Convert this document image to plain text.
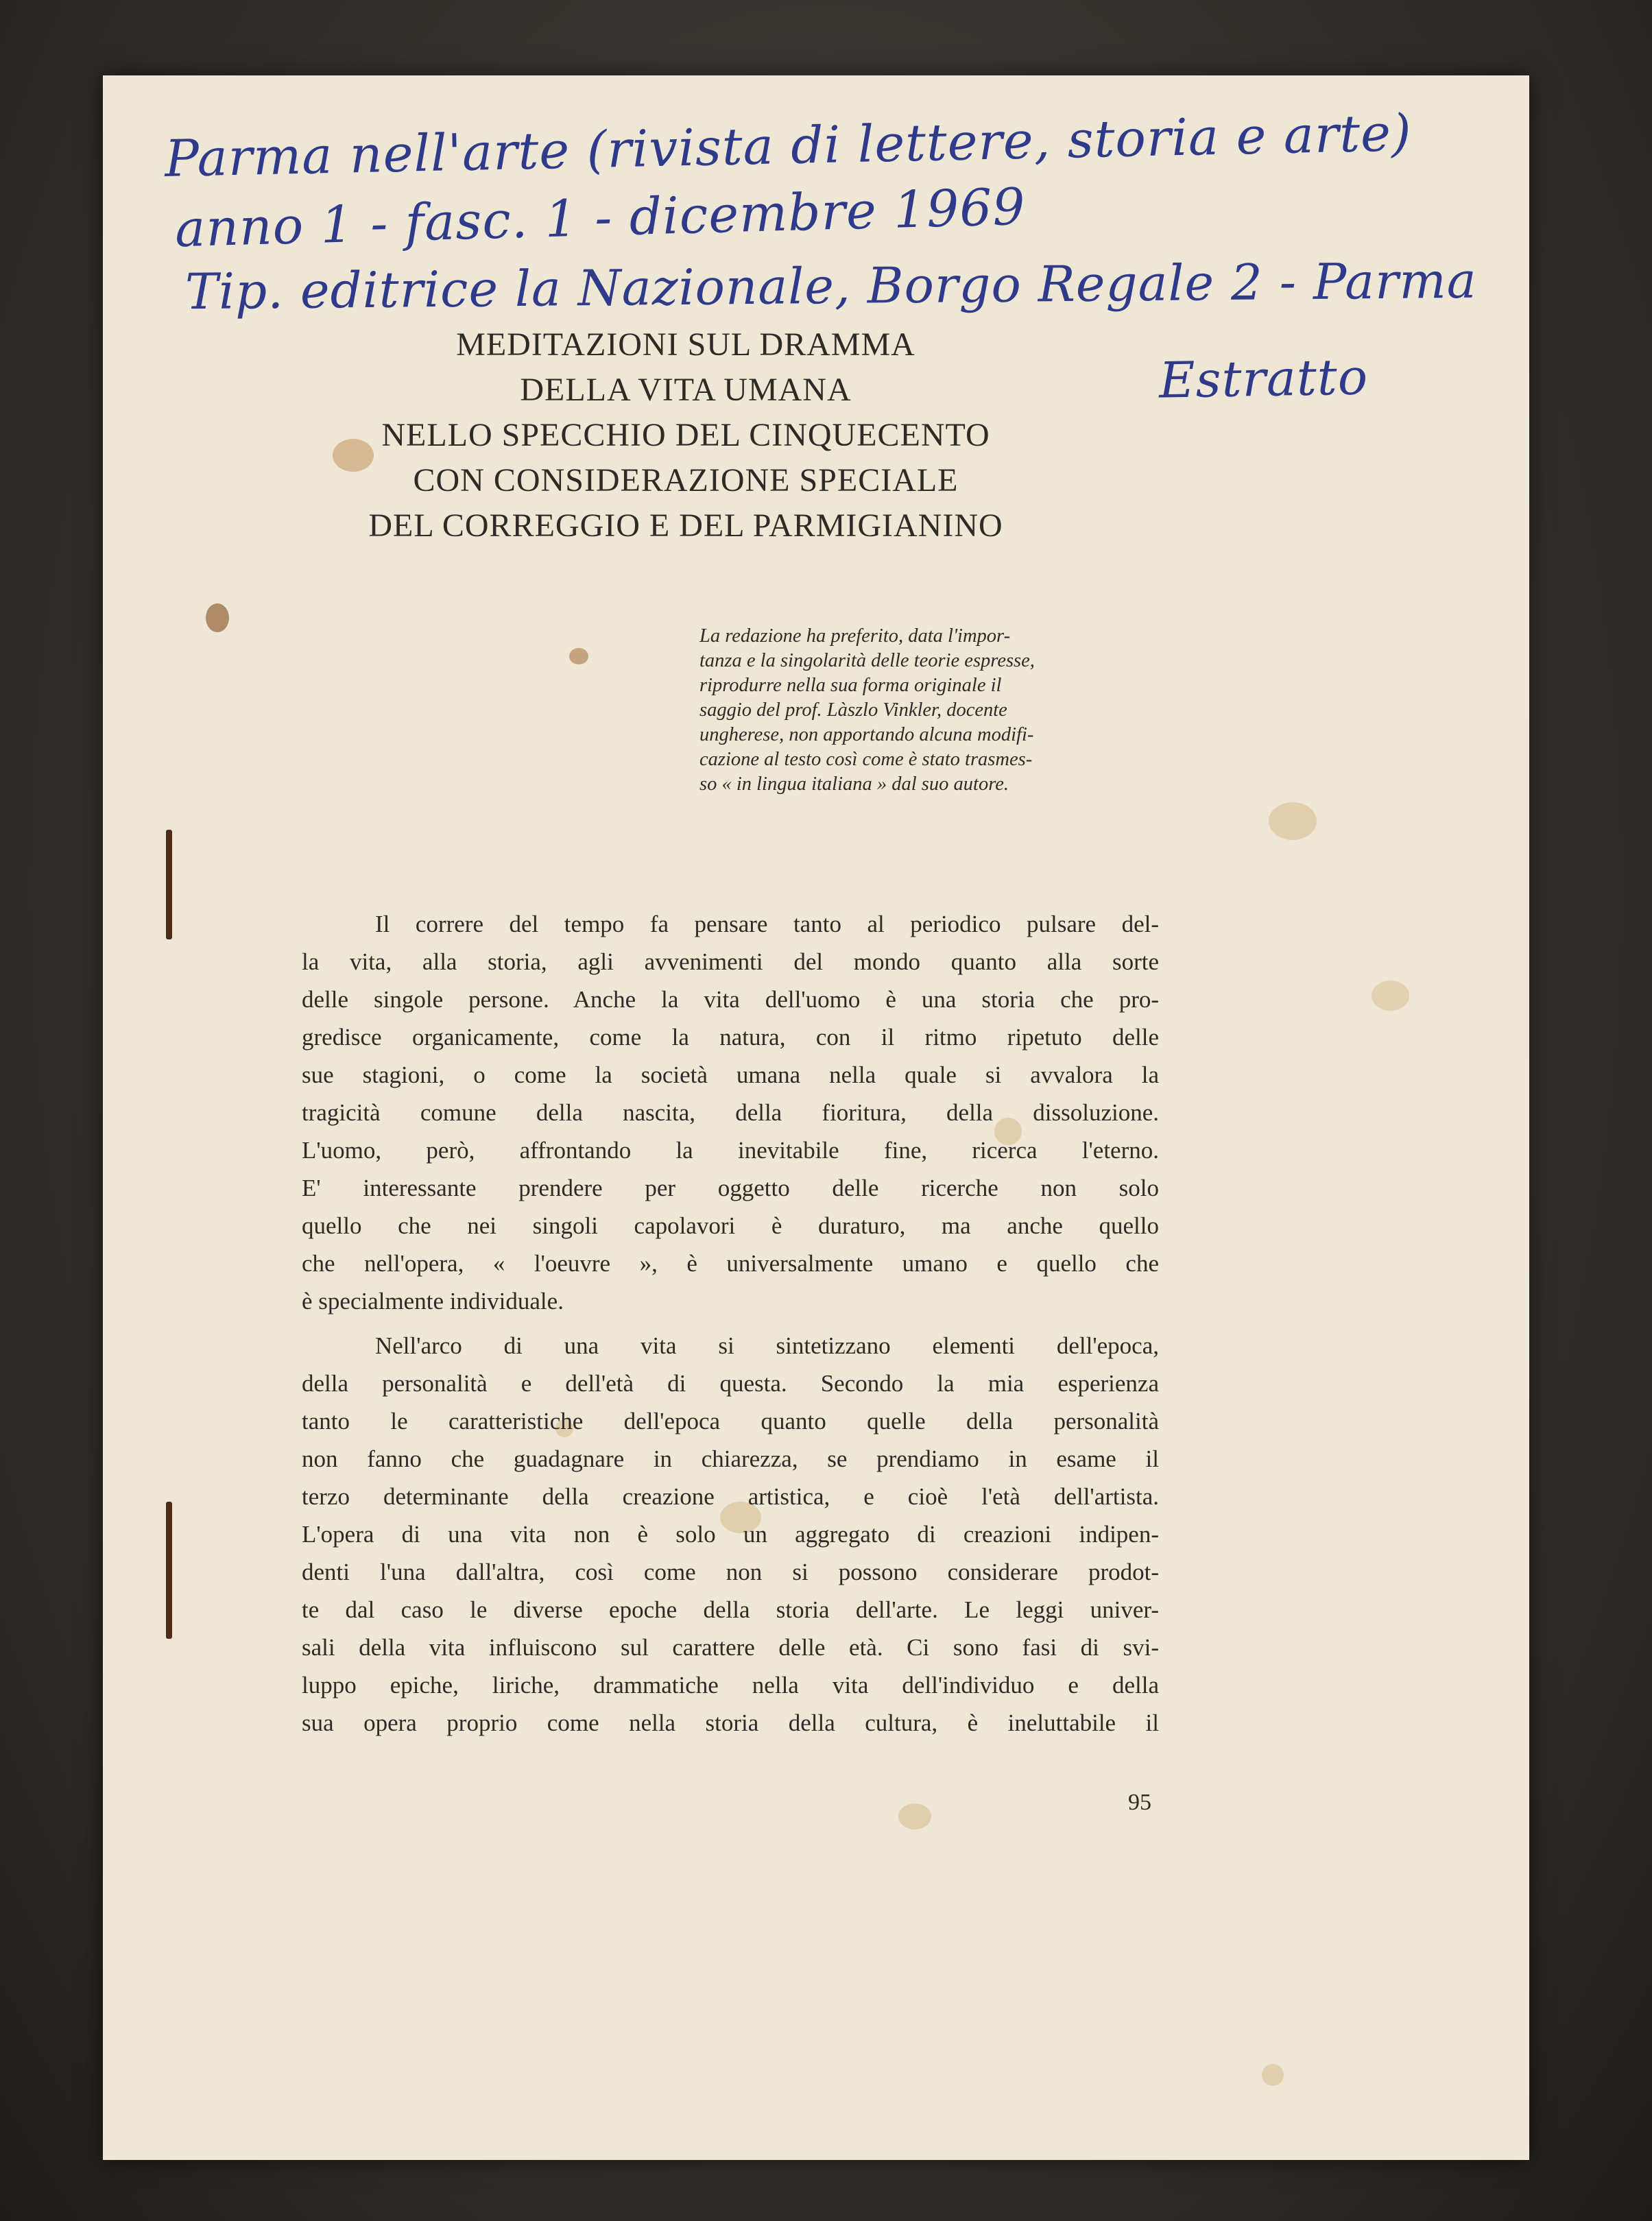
Parma nell'arte (rivista di lettere, storia e arte)
anno 1 - fasc. 1 - dicembre 1969
Tip. editrice la Nazionale, Borgo Regale 2 - Parma
Estratto
MEDITAZIONI SUL DRAMMA
DELLA VITA UMANA
NELLO SPECCHIO DEL CINQUECENTO
CON CONSIDERAZIONE SPECIALE
DEL CORREGGIO E DEL PARMIGIANINO
La redazione ha preferito, data l'impor-
tanza e la singolarità delle teorie espresse,
riprodurre nella sua forma originale il
saggio del prof. Làszlo Vinkler, docente
ungherese, non apportando alcuna modifi-
cazione al testo così come è stato trasmes-
so « in lingua italiana » dal suo autore.
Il correre del tempo fa pensare tanto al periodico pulsare del-
la vita, alla storia, agli avvenimenti del mondo quanto alla sorte
delle singole persone. Anche la vita dell'uomo è una storia che pro-
gredisce organicamente, come la natura, con il ritmo ripetuto delle
sue stagioni, o come la società umana nella quale si avvalora la
tragicità comune della nascita, della fioritura, della dissoluzione.
L'uomo, però, affrontando la inevitabile fine, ricerca l'eterno.
E' interessante prendere per oggetto delle ricerche non solo
quello che nei singoli capolavori è duraturo, ma anche quello
che nell'opera, « l'oeuvre », è universalmente umano e quello che
è specialmente individuale.
Nell'arco di una vita si sintetizzano elementi dell'epoca,
della personalità e dell'età di questa. Secondo la mia esperienza
tanto le caratteristiche dell'epoca quanto quelle della personalità
non fanno che guadagnare in chiarezza, se prendiamo in esame il
terzo determinante della creazione artistica, e cioè l'età dell'artista.
L'opera di una vita non è solo un aggregato di creazioni indipen-
denti l'una dall'altra, così come non si possono considerare prodot-
te dal caso le diverse epoche della storia dell'arte. Le leggi univer-
sali della vita influiscono sul carattere delle età. Ci sono fasi di svi-
luppo epiche, liriche, drammatiche nella vita dell'individuo e della
sua opera proprio come nella storia della cultura, è ineluttabile il
95
